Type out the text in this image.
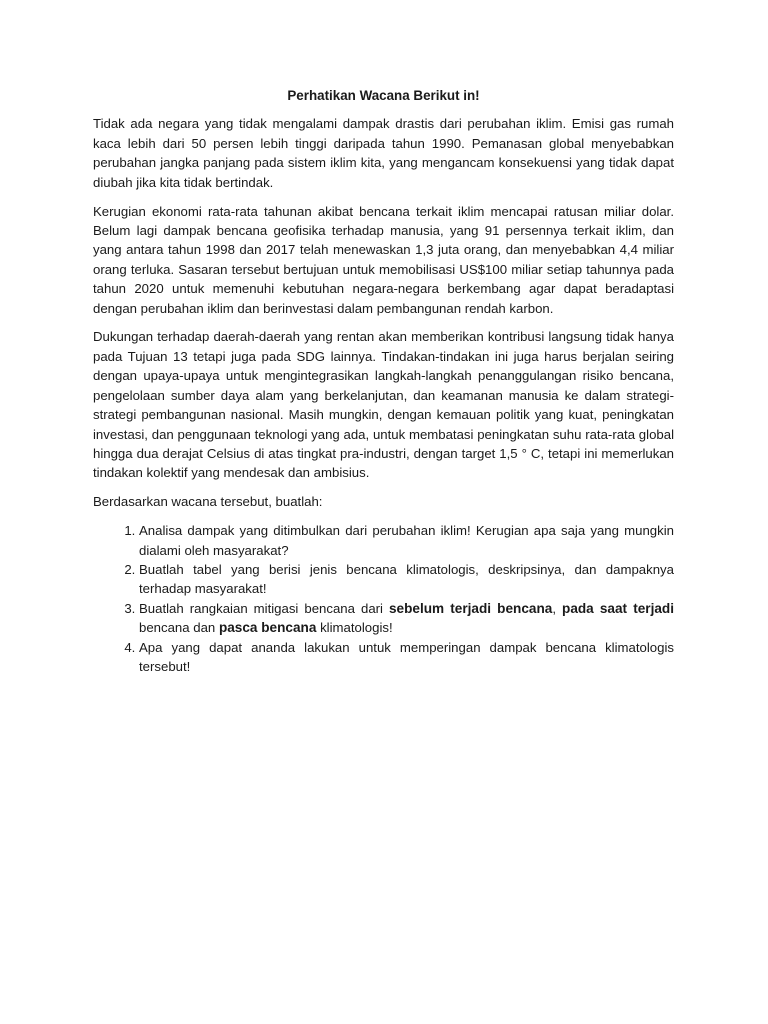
Perhatikan Wacana Berikut in!

Tidak ada negara yang tidak mengalami dampak drastis dari perubahan iklim. Emisi gas rumah kaca lebih dari 50 persen lebih tinggi daripada tahun 1990. Pemanasan global menyebabkan perubahan jangka panjang pada sistem iklim kita, yang mengancam konsekuensi yang tidak dapat diubah jika kita tidak bertindak.

Kerugian ekonomi rata-rata tahunan akibat bencana terkait iklim mencapai ratusan miliar dolar. Belum lagi dampak bencana geofisika terhadap manusia, yang 91 persennya terkait iklim, dan yang antara tahun 1998 dan 2017 telah menewaskan 1,3 juta orang, dan menyebabkan 4,4 miliar orang terluka. Sasaran tersebut bertujuan untuk memobilisasi US$100 miliar setiap tahunnya pada tahun 2020 untuk memenuhi kebutuhan negara-negara berkembang agar dapat beradaptasi dengan perubahan iklim dan berinvestasi dalam pembangunan rendah karbon.

Dukungan terhadap daerah-daerah yang rentan akan memberikan kontribusi langsung tidak hanya pada Tujuan 13 tetapi juga pada SDG lainnya. Tindakan-tindakan ini juga harus berjalan seiring dengan upaya-upaya untuk mengintegrasikan langkah-langkah penanggulangan risiko bencana, pengelolaan sumber daya alam yang berkelanjutan, dan keamanan manusia ke dalam strategi-strategi pembangunan nasional. Masih mungkin, dengan kemauan politik yang kuat, peningkatan investasi, dan penggunaan teknologi yang ada, untuk membatasi peningkatan suhu rata-rata global hingga dua derajat Celsius di atas tingkat pra-industri, dengan target 1,5 ° C, tetapi ini memerlukan tindakan kolektif yang mendesak dan ambisius.

Berdasarkan wacana tersebut, buatlah:

1. Analisa dampak yang ditimbulkan dari perubahan iklim! Kerugian apa saja yang mungkin dialami oleh masyarakat?
2. Buatlah tabel yang berisi jenis bencana klimatologis, deskripsinya, dan dampaknya terhadap masyarakat!
3. Buatlah rangkaian mitigasi bencana dari sebelum terjadi bencana, pada saat terjadi bencana dan pasca bencana klimatologis!
4. Apa yang dapat ananda lakukan untuk memperingan dampak bencana klimatologis tersebut!
